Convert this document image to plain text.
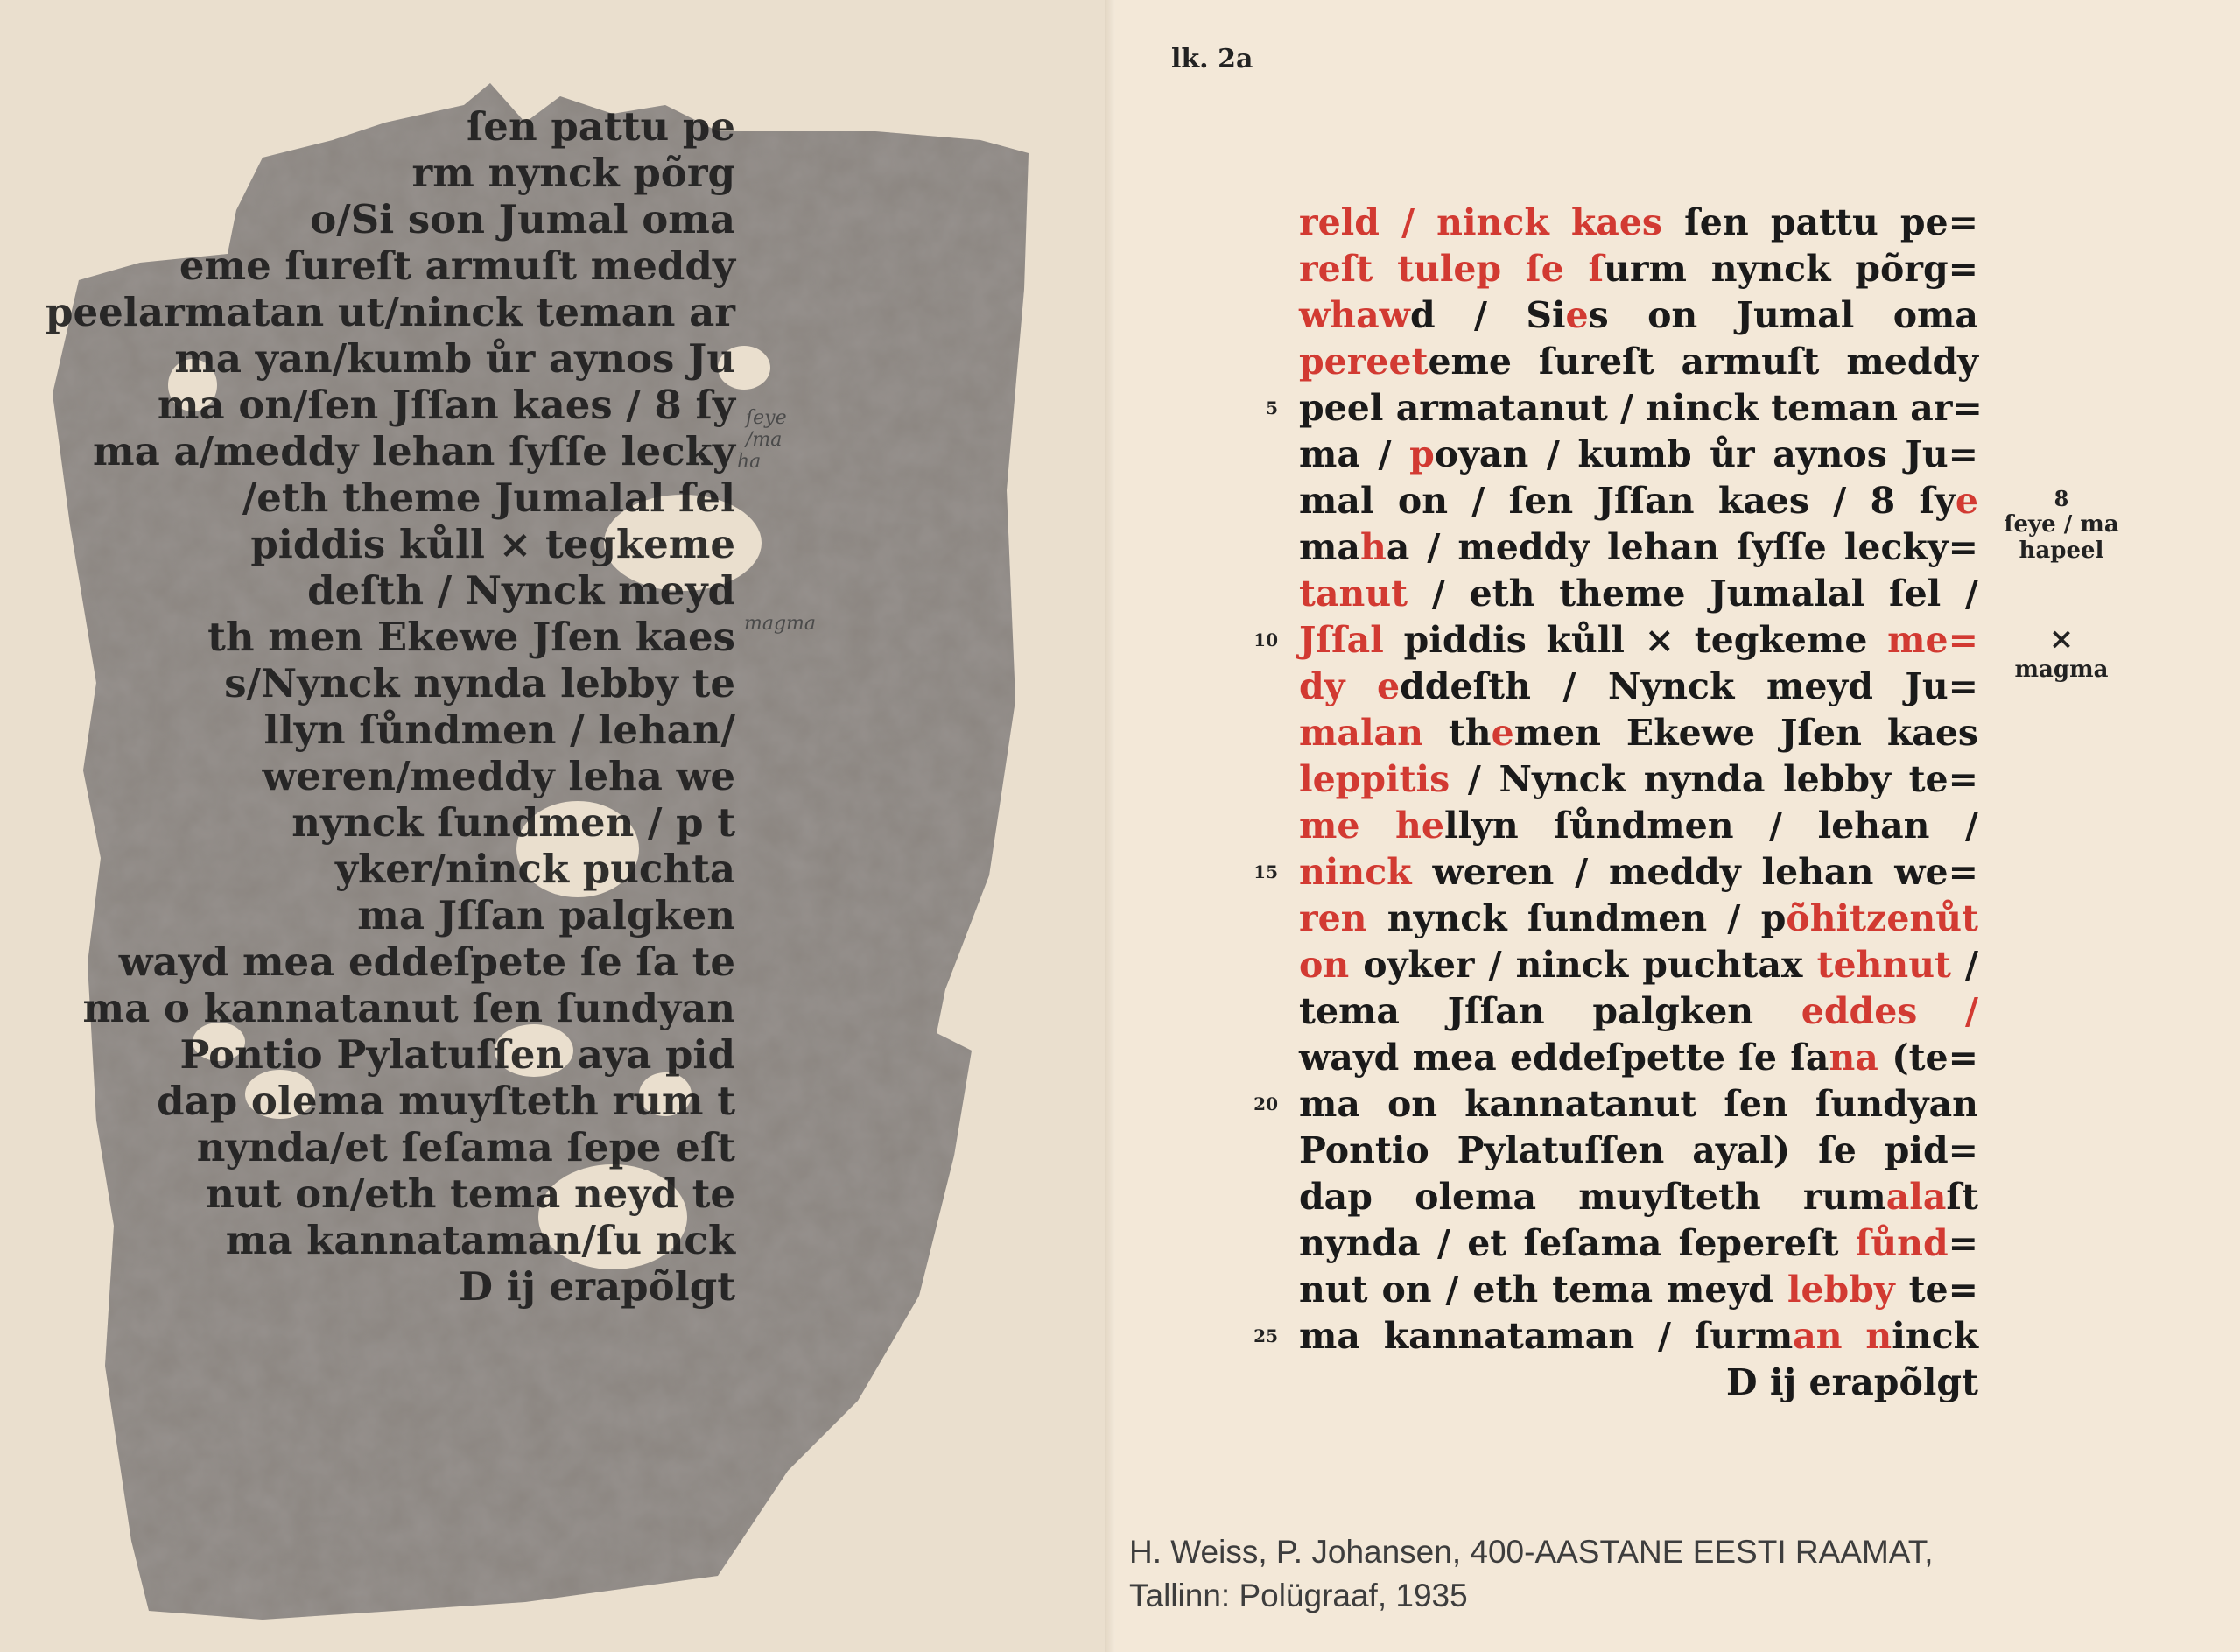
ſen pattu pe
rm nynck põrg
o/Si son Jumal oma
eme ſureſt armuſt meddy
peelarmatan ut/ninck teman ar
ma yan/kumb ůr aynos Ju
ma on/ſen Jſſan kaes / 8 ſy
ma a/meddy lehan ſyſſe lecky
/eth theme Jumalal ſel
piddis kůll × tegkeme
deſth / Nynck meyd
th men Ekewe Jſen kaes
s/Nynck nynda lebby te
llyn ſůndmen / lehan/
weren/meddy leha we
nynck ſundmen / p t
yker/ninck puchta
ma Jſſan palgken
wayd mea eddeſpete ſe ſa te
ma o kannatanut ſen ſundyan
Pontio Pylatuſſen aya pid
dap olema muyſteth rum t
nynda/et ſeſama ſepe eſt
nut on/eth tema neyd te
ma kannataman/ſu nck
D ij erapõlgt
ſeye /ma
ha
magma
lk. 2a
reld / ninck kaes ſen pattu pe=
reſt tulep ſe ſurm nynck põrg=
whawd / Sies on Jumal oma
pereeteme ſureſt armuſt meddy
5 peel armatanut / ninck teman ar=
ma / poyan / kumb ůr aynos Ju=
mal on / ſen Jſſan kaes / 8 ſye
maha / meddy lehan ſyſſe lecky=
tanut / eth theme Jumalal ſel /
10 Jſſal piddis kůll × tegkeme me=
dy eddeſth / Nynck meyd Ju=
malan themen Ekewe Jſen kaes
leppitis / Nynck nynda lebby te=
me hellyn ſůndmen / lehan /
15 ninck weren / meddy lehan we=
ren nynck ſundmen / põhitzenůt
on oyker / ninck puchtax tehnut /
tema Jſſan palgken eddes /
wayd mea eddeſpette ſe ſana (te=
20 ma on kannatanut ſen ſundyan
Pontio Pylatuſſen ayal) ſe pid=
dap olema muyſteth rumalaſt
nynda / et ſeſama ſepereſt ſůnd=
nut on / eth tema meyd lebby te=
25 ma kannataman / ſurman ninck
D ij erapõlgt
8
ſeye / ma hapeel
×
magma
H. Weiss, P. Johansen, 400-AASTANE EESTI RAAMAT,
Tallinn: Polügraaf, 1935
